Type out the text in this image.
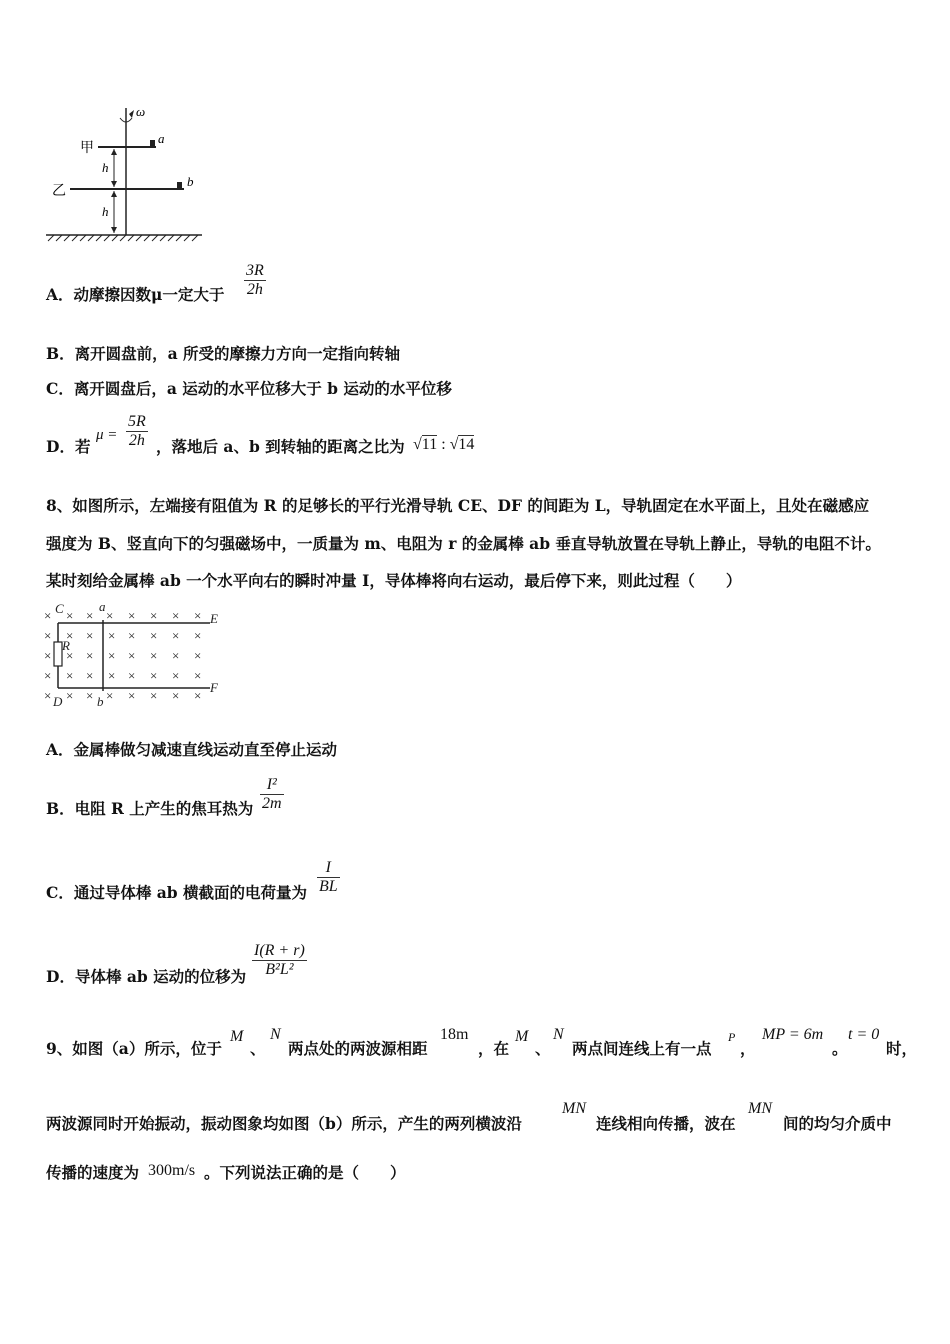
ω
a
甲
b
乙
h
h
A．动摩擦因数μ一定大于 $\frac{3R}{2h}$
B．离开圆盘前，a 所受的摩擦力方向一定指向转轴
C．离开圆盘后，a 运动的水平位移大于 b 运动的水平位移
D．若
$\mu = \frac{5R}{2h}$ ，落地后 a、b 到转轴的距离之比为 √11 : √14
8、如图所示，左端接有阻值为 R 的足够长的平行光滑导轨 CE、DF 的间距为 L，导轨固定在水平面上，且处在磁感应
强度为 B、竖直向下的匀强磁场中，一质量为 m、电阻为 r 的金属棒 ab 垂直导轨放置在导轨上静止，导轨的电阻不计。
某时刻给金属棒 ab 一个水平向右的瞬时冲量 I，导体棒将向右运动，最后停下来，则此过程（　　）
× × × × × × × ×
× × × × × × × ×
× × × × × × × ×
× × × × × × × ×
× × × × × × × ×
C
D
E
F
R
a
b
A．金属棒做匀减速直线运动直至停止运动
B．电阻 R 上产生的焦耳热为 $\frac{\text{I²}}{2m}$
C．通过导体棒 ab 横截面的电荷量为 $\frac{I}{BL}$
D．导体棒 ab 运动的位移为 $\frac{I(R + r)}{\text{B²L²}}$
9、如图（a）所示，位于
M
、
N
两点处的两波源相距
18m
，在
M
、
N
两点间连线上有一点
P
，
MP = 6m
。
t = 0
时，
两波源同时开始振动，振动图象均如图（b）所示，产生的两列横波沿
MN
连线相向传播，波在
MN
间的均匀介质中
传播的速度为 300m/s 。下列说法正确的是（　　）
